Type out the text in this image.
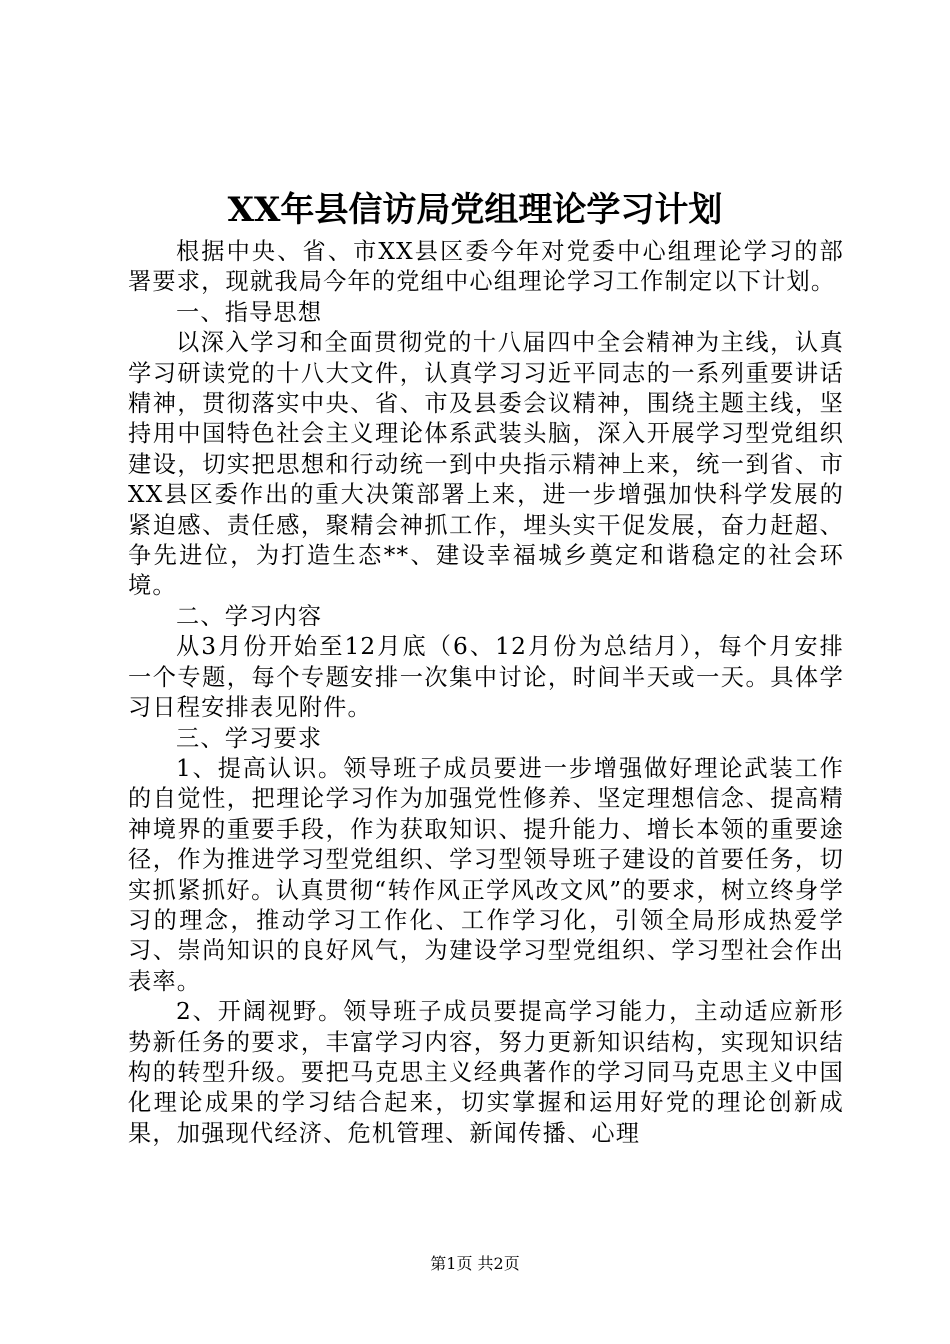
XX年县信访局党组理论学习计划

根据中央、省、市XX县区委今年对党委中心组理论学习的部署要求，现就我局今年的党组中心组理论学习工作制定以下计划。

一、指导思想

以深入学习和全面贯彻党的十八届四中全会精神为主线，认真学习研读党的十八大文件，认真学习习近平同志的一系列重要讲话精神，贯彻落实中央、省、市及县委会议精神，围绕主题主线，坚持用中国特色社会主义理论体系武装头脑，深入开展学习型党组织建设，切实把思想和行动统一到中央指示精神上来，统一到省、市XX县区委作出的重大决策部署上来，进一步增强加快科学发展的紧迫感、责任感，聚精会神抓工作，埋头实干促发展，奋力赶超、争先进位，为打造生态**、建设幸福城乡奠定和谐稳定的社会环境。

二、学习内容

从3月份开始至12月底（6、12月份为总结月），每个月安排一个专题，每个专题安排一次集中讨论，时间半天或一天。具体学习日程安排表见附件。

三、学习要求

1、提高认识。领导班子成员要进一步增强做好理论武装工作的自觉性，把理论学习作为加强党性修养、坚定理想信念、提高精神境界的重要手段，作为获取知识、提升能力、增长本领的重要途径，作为推进学习型党组织、学习型领导班子建设的首要任务，切实抓紧抓好。认真贯彻“转作风正学风改文风”的要求，树立终身学习的理念，推动学习工作化、工作学习化，引领全局形成热爱学习、崇尚知识的良好风气，为建设学习型党组织、学习型社会作出表率。

2、开阔视野。领导班子成员要提高学习能力，主动适应新形势新任务的要求，丰富学习内容，努力更新知识结构，实现知识结构的转型升级。要把马克思主义经典著作的学习同马克思主义中国化理论成果的学习结合起来，切实掌握和运用好党的理论创新成果，加强现代经济、危机管理、新闻传播、心理

第1页 共2页
